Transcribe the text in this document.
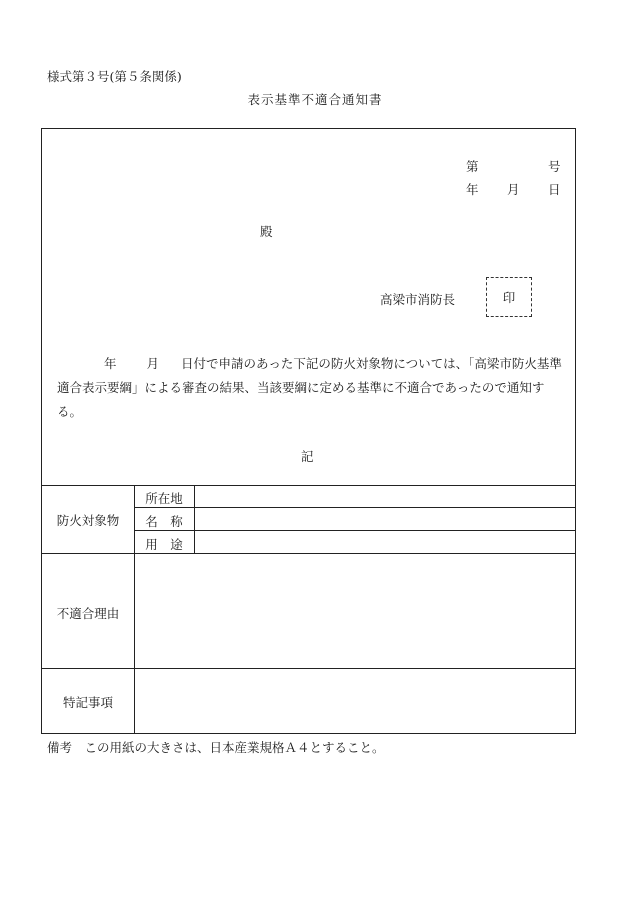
様式第３号(第５条関係)
表示基準不適合通知書
第	号
年 月 日
殿
高梁市消防長	印
年 月 日付で申請のあった下記の防火対象物については、「高梁市防火基準適合表示要綱」による審査の結果、当該要綱に定める基準に不適合であったので通知する。
記
防火対象物
所在地
名　称
用　途
不適合理由
特記事項
備考　この用紙の大きさは、日本産業規格Ａ４とすること。
